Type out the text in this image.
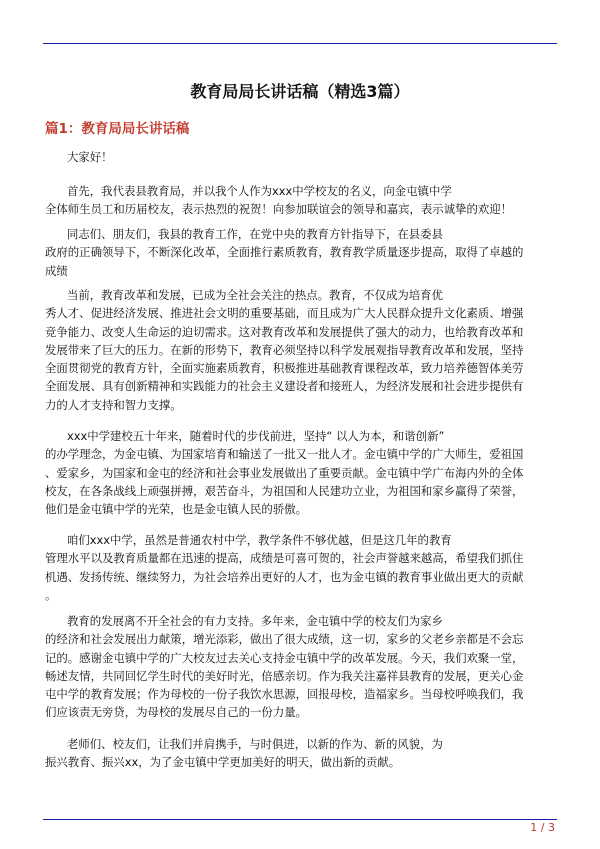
教育局局长讲话稿（精选3篇）
篇1：教育局局长讲话稿
大家好！
首先，我代表县教育局，并以我个人作为xxx中学校友的名义，向金屯镇中学
全体师生员工和历届校友，表示热烈的祝贺！向参加联谊会的领导和嘉宾，表示诚挚的欢迎！
同志们、朋友们，我县的教育工作，在党中央的教育方针指导下，在县委县
政府的正确领导下，不断深化改革，全面推行素质教育，教育教学质量逐步提高，取得了卓越的
成绩
当前，教育改革和发展，已成为全社会关注的热点。教育，不仅成为培育优
秀人才、促进经济发展、推进社会文明的重要基础，而且成为广大人民群众提升文化素质、增强
竞争能力、改变人生命运的迫切需求。这对教育改革和发展提供了强大的动力，也给教育改革和
发展带来了巨大的压力。在新的形势下，教育必须坚持以科学发展观指导教育改革和发展，坚持
全面贯彻党的教育方针，全面实施素质教育，积极推进基础教育课程改革，致力培养德智体美劳
全面发展、具有创新精神和实践能力的社会主义建设者和接班人，为经济发展和社会进步提供有
力的人才支持和智力支撑。
xxx中学建校五十年来，随着时代的步伐前进，坚持“ 以人为本，和谐创新”
的办学理念，为金屯镇、为国家培育和输送了一批又一批人才。金屯镇中学的广大师生，爱祖国
、爱家乡，为国家和金屯的经济和社会事业发展做出了重要贡献。金屯镇中学广布海内外的全体
校友，在各条战线上顽强拼搏，艰苦奋斗，为祖国和人民建功立业，为祖国和家乡赢得了荣誉，
他们是金屯镇中学的光荣，也是金屯镇人民的骄傲。
咱们xxx中学，虽然是普通农村中学，教学条件不够优越，但是这几年的教育
管理水平以及教育质量都在迅速的提高，成绩是可喜可贺的，社会声誉越来越高，希望我们抓住
机遇、发扬传统、继续努力，为社会培养出更好的人才，也为金屯镇的教育事业做出更大的贡献
。
教育的发展离不开全社会的有力支持。多年来，金屯镇中学的校友们为家乡
的经济和社会发展出力献策，增光添彩，做出了很大成绩，这一切，家乡的父老乡亲都是不会忘
记的。感谢金屯镇中学的广大校友过去关心支持金屯镇中学的改革发展。今天，我们欢聚一堂，
畅述友情，共同回忆学生时代的美好时光，倍感亲切。作为我关注嘉祥县教育的发展，更关心金
屯中学的教育发展；作为母校的一份子我饮水思源，回报母校，造福家乡。当母校呼唤我们，我
们应该责无旁贷，为母校的发展尽自己的一份力量。
老师们、校友们，让我们并肩携手，与时俱进，以新的作为、新的风貌，为
振兴教育、振兴xx，为了金屯镇中学更加美好的明天，做出新的贡献。
1 / 3
